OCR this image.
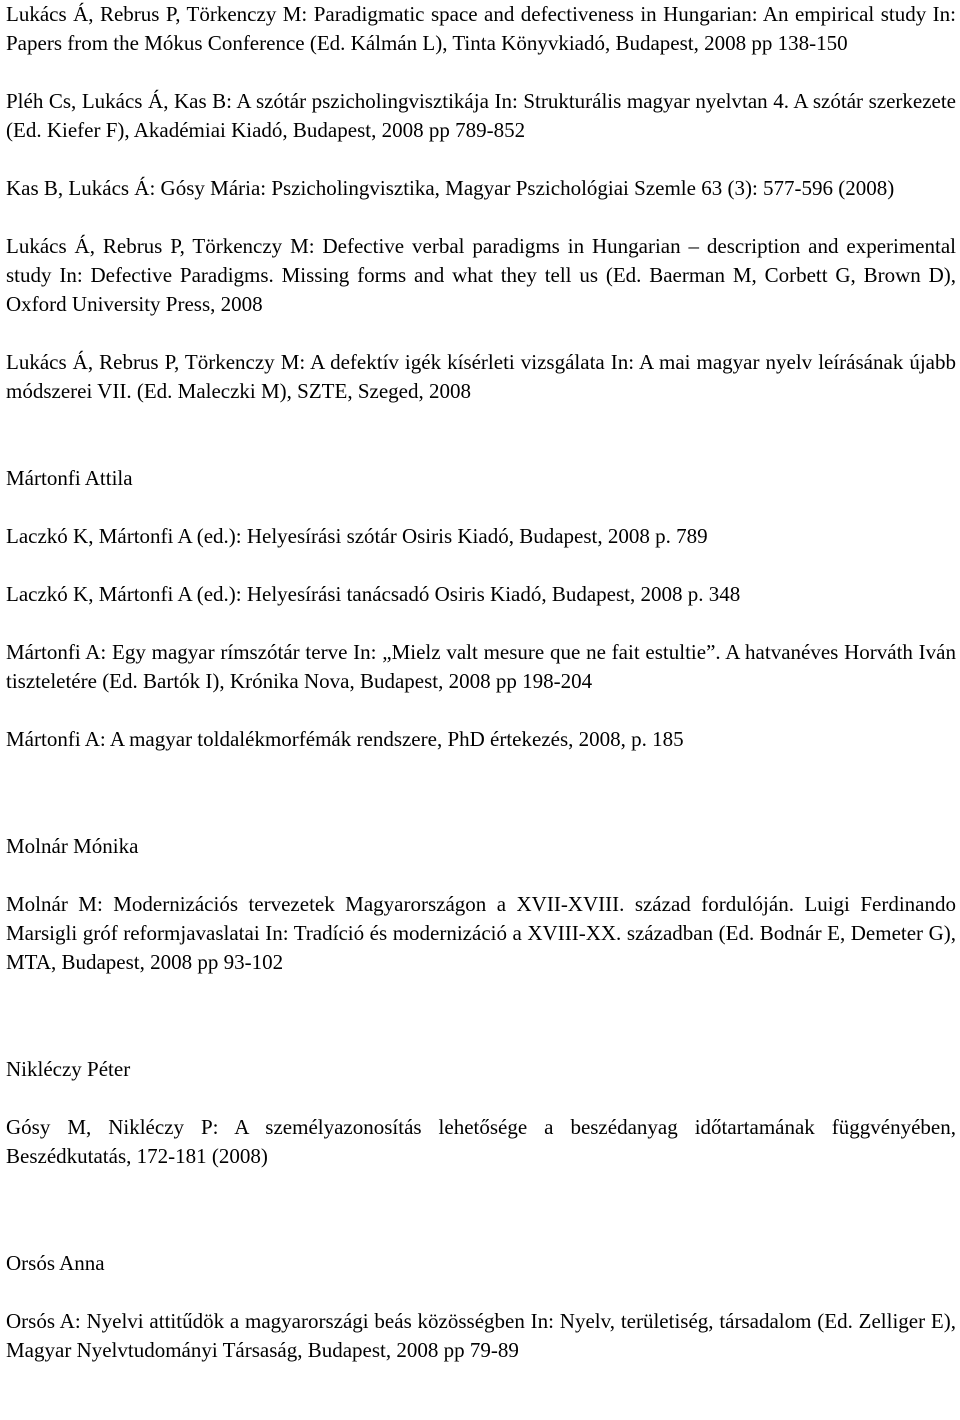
Lukács Á, Rebrus P, Törkenczy M: Paradigmatic space and defectiveness in Hungarian: An empirical study In: Papers from the Mókus Conference (Ed. Kálmán L), Tinta Könyvkiadó, Budapest, 2008 pp 138-150

Pléh Cs, Lukács Á, Kas B: A szótár pszicholingvisztikája In: Strukturális magyar nyelvtan 4. A szótár szerkezete (Ed. Kiefer F), Akadémiai Kiadó, Budapest, 2008 pp 789-852

Kas B, Lukács Á: Gósy Mária: Pszicholingvisztika, Magyar Pszichológiai Szemle 63 (3): 577-596 (2008)

Lukács Á, Rebrus P, Törkenczy M: Defective verbal paradigms in Hungarian – description and experimental study In: Defective Paradigms. Missing forms and what they tell us (Ed. Baerman M, Corbett G, Brown D), Oxford University Press, 2008

Lukács Á, Rebrus P, Törkenczy M: A defektív igék kísérleti vizsgálata In: A mai magyar nyelv leírásának újabb módszerei VII. (Ed. Maleczki M), SZTE, Szeged, 2008

Mártonfi Attila

Laczkó K, Mártonfi A (ed.): Helyesírási szótár Osiris Kiadó, Budapest, 2008 p. 789

Laczkó K, Mártonfi A (ed.): Helyesírási tanácsadó Osiris Kiadó, Budapest, 2008 p. 348

Mártonfi A: Egy magyar rímszótár terve In: „Mielz valt mesure que ne fait estultie”. A hatvanéves Horváth Iván tiszteletére (Ed. Bartók I), Krónika Nova, Budapest, 2008 pp 198-204

Mártonfi A: A magyar toldalékmorfémák rendszere, PhD értekezés, 2008, p. 185

Molnár Mónika

Molnár M: Modernizációs tervezetek Magyarországon a XVII-XVIII. század fordulóján. Luigi Ferdinando Marsigli gróf reformjavaslatai In: Tradíció és modernizáció a XVIII-XX. században (Ed. Bodnár E, Demeter G), MTA, Budapest, 2008 pp 93-102

Nikléczy Péter

Gósy M, Nikléczy P: A személyazonosítás lehetősége a beszédanyag időtartamának függvényében, Beszédkutatás, 172-181 (2008)

Orsós Anna

Orsós A: Nyelvi attitűdök a magyarországi beás közösségben In: Nyelv, területiség, társadalom (Ed. Zelliger E), Magyar Nyelvtudományi Társaság, Budapest, 2008 pp 79-89
